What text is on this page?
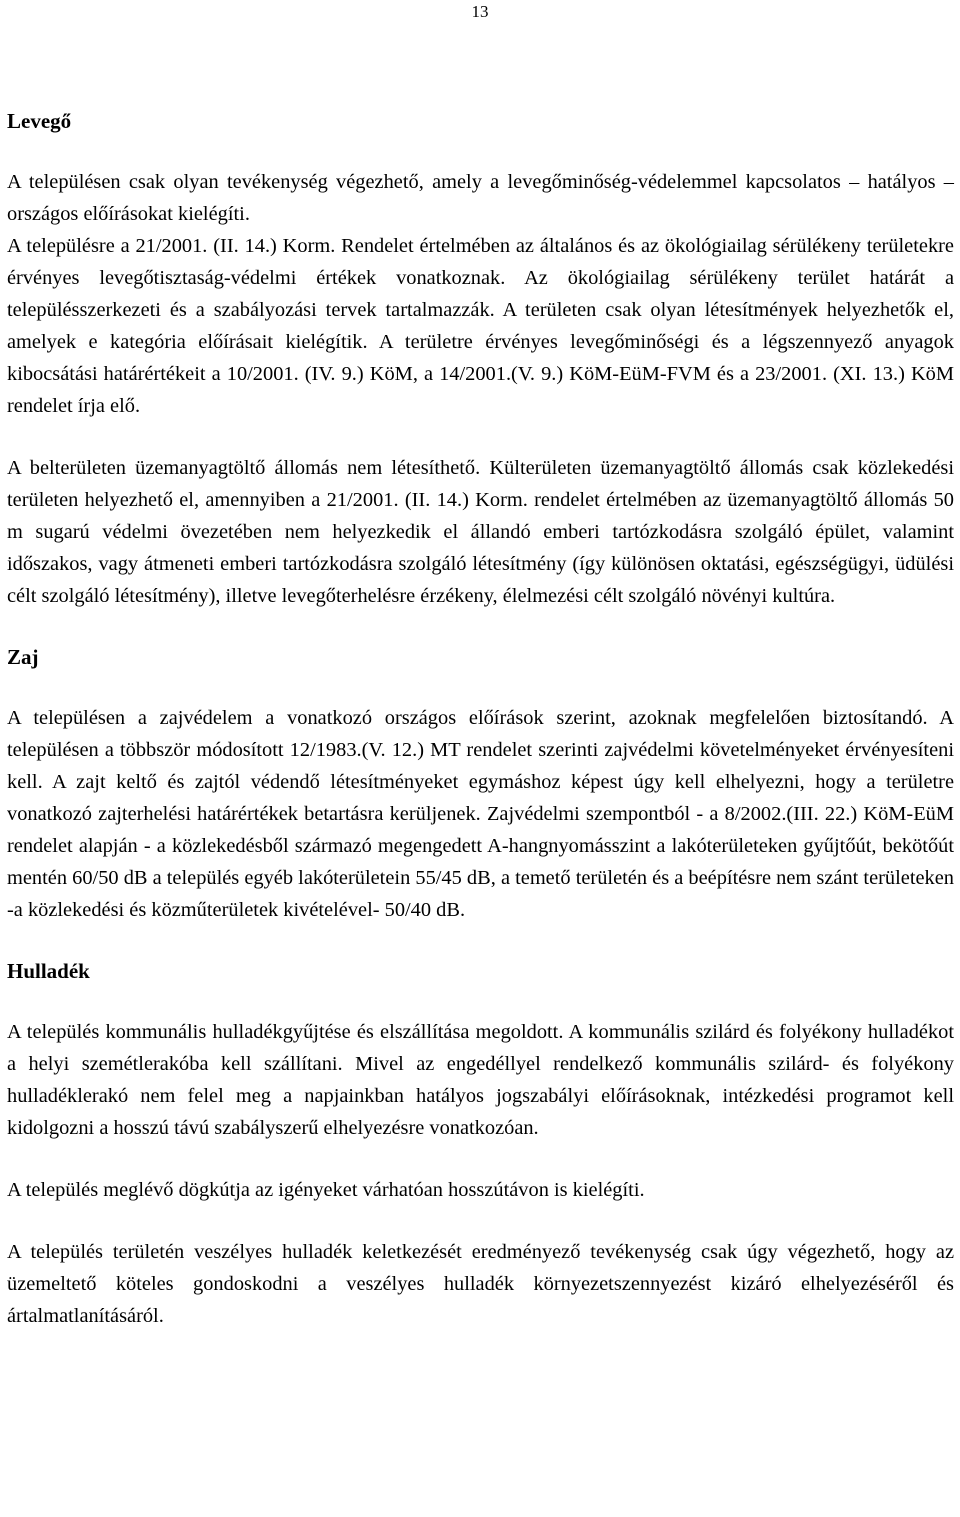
13
Levegő

A településen csak olyan tevékenység végezhető, amely a levegőminőség-védelemmel kapcsolatos – hatályos – országos előírásokat kielégíti.

A településre a 21/2001. (II. 14.) Korm. Rendelet értelmében az általános és az ökológiailag sérülékeny területekre érvényes levegőtisztaság-védelmi értékek vonatkoznak. Az ökológiailag sérülékeny terület határát a településszerkezeti és a szabályozási tervek tartalmazzák. A területen csak olyan létesítmények helyezhetők el, amelyek e kategória előírásait kielégítik. A területre érvényes levegőminőségi és a légszennyező anyagok kibocsátási határértékeit a 10/2001. (IV. 9.) KöM, a 14/2001.(V. 9.) KöM-EüM-FVM és a 23/2001. (XI. 13.) KöM rendelet írja elő.

A belterületen üzemanyagtöltő állomás nem létesíthető. Külterületen üzemanyagtöltő állomás csak közlekedési területen helyezhető el, amennyiben a 21/2001. (II. 14.) Korm. rendelet értelmében az üzemanyagtöltő állomás 50 m sugarú védelmi övezetében nem helyezkedik el állandó emberi tartózkodásra szolgáló épület, valamint időszakos, vagy átmeneti emberi tartózkodásra szolgáló létesítmény (így különösen oktatási, egészségügyi, üdülési célt szolgáló létesítmény), illetve levegőterhelésre érzékeny, élelmezési célt szolgáló növényi kultúra.

Zaj

A településen a zajvédelem a vonatkozó országos előírások szerint, azoknak megfelelően biztosítandó. A településen a többször módosított 12/1983.(V. 12.) MT rendelet szerinti zajvédelmi követelményeket érvényesíteni kell. A zajt keltő és zajtól védendő létesítményeket egymáshoz képest úgy kell elhelyezni, hogy a területre vonatkozó zajterhelési határértékek betartásra kerüljenek. Zajvédelmi szempontból - a 8/2002.(III. 22.) KöM-EüM rendelet alapján - a közlekedésből származó megengedett A-hangnyomásszint a lakóterületeken gyűjtőút, bekötőút mentén 60/50 dB a település egyéb lakóterületein 55/45 dB, a temető területén és a beépítésre nem szánt területeken -a közlekedési és közműterületek kivételével- 50/40 dB.

Hulladék

A település kommunális hulladékgyűjtése és elszállítása megoldott. A kommunális szilárd és folyékony hulladékot a helyi szemétlerakóba kell szállítani. Mivel az engedéllyel rendelkező kommunális szilárd- és folyékony hulladéklerakó nem felel meg a napjainkban hatályos jogszabályi előírásoknak, intézkedési programot kell kidolgozni a hosszú távú szabályszerű elhelyezésre vonatkozóan.

A település meglévő dögkútja az igényeket várhatóan hosszútávon is kielégíti.

A település területén veszélyes hulladék keletkezését eredményező tevékenység csak úgy végezhető, hogy az üzemeltető köteles gondoskodni a veszélyes hulladék környezetszennyezést kizáró elhelyezéséről és ártalmatlanításáról.
